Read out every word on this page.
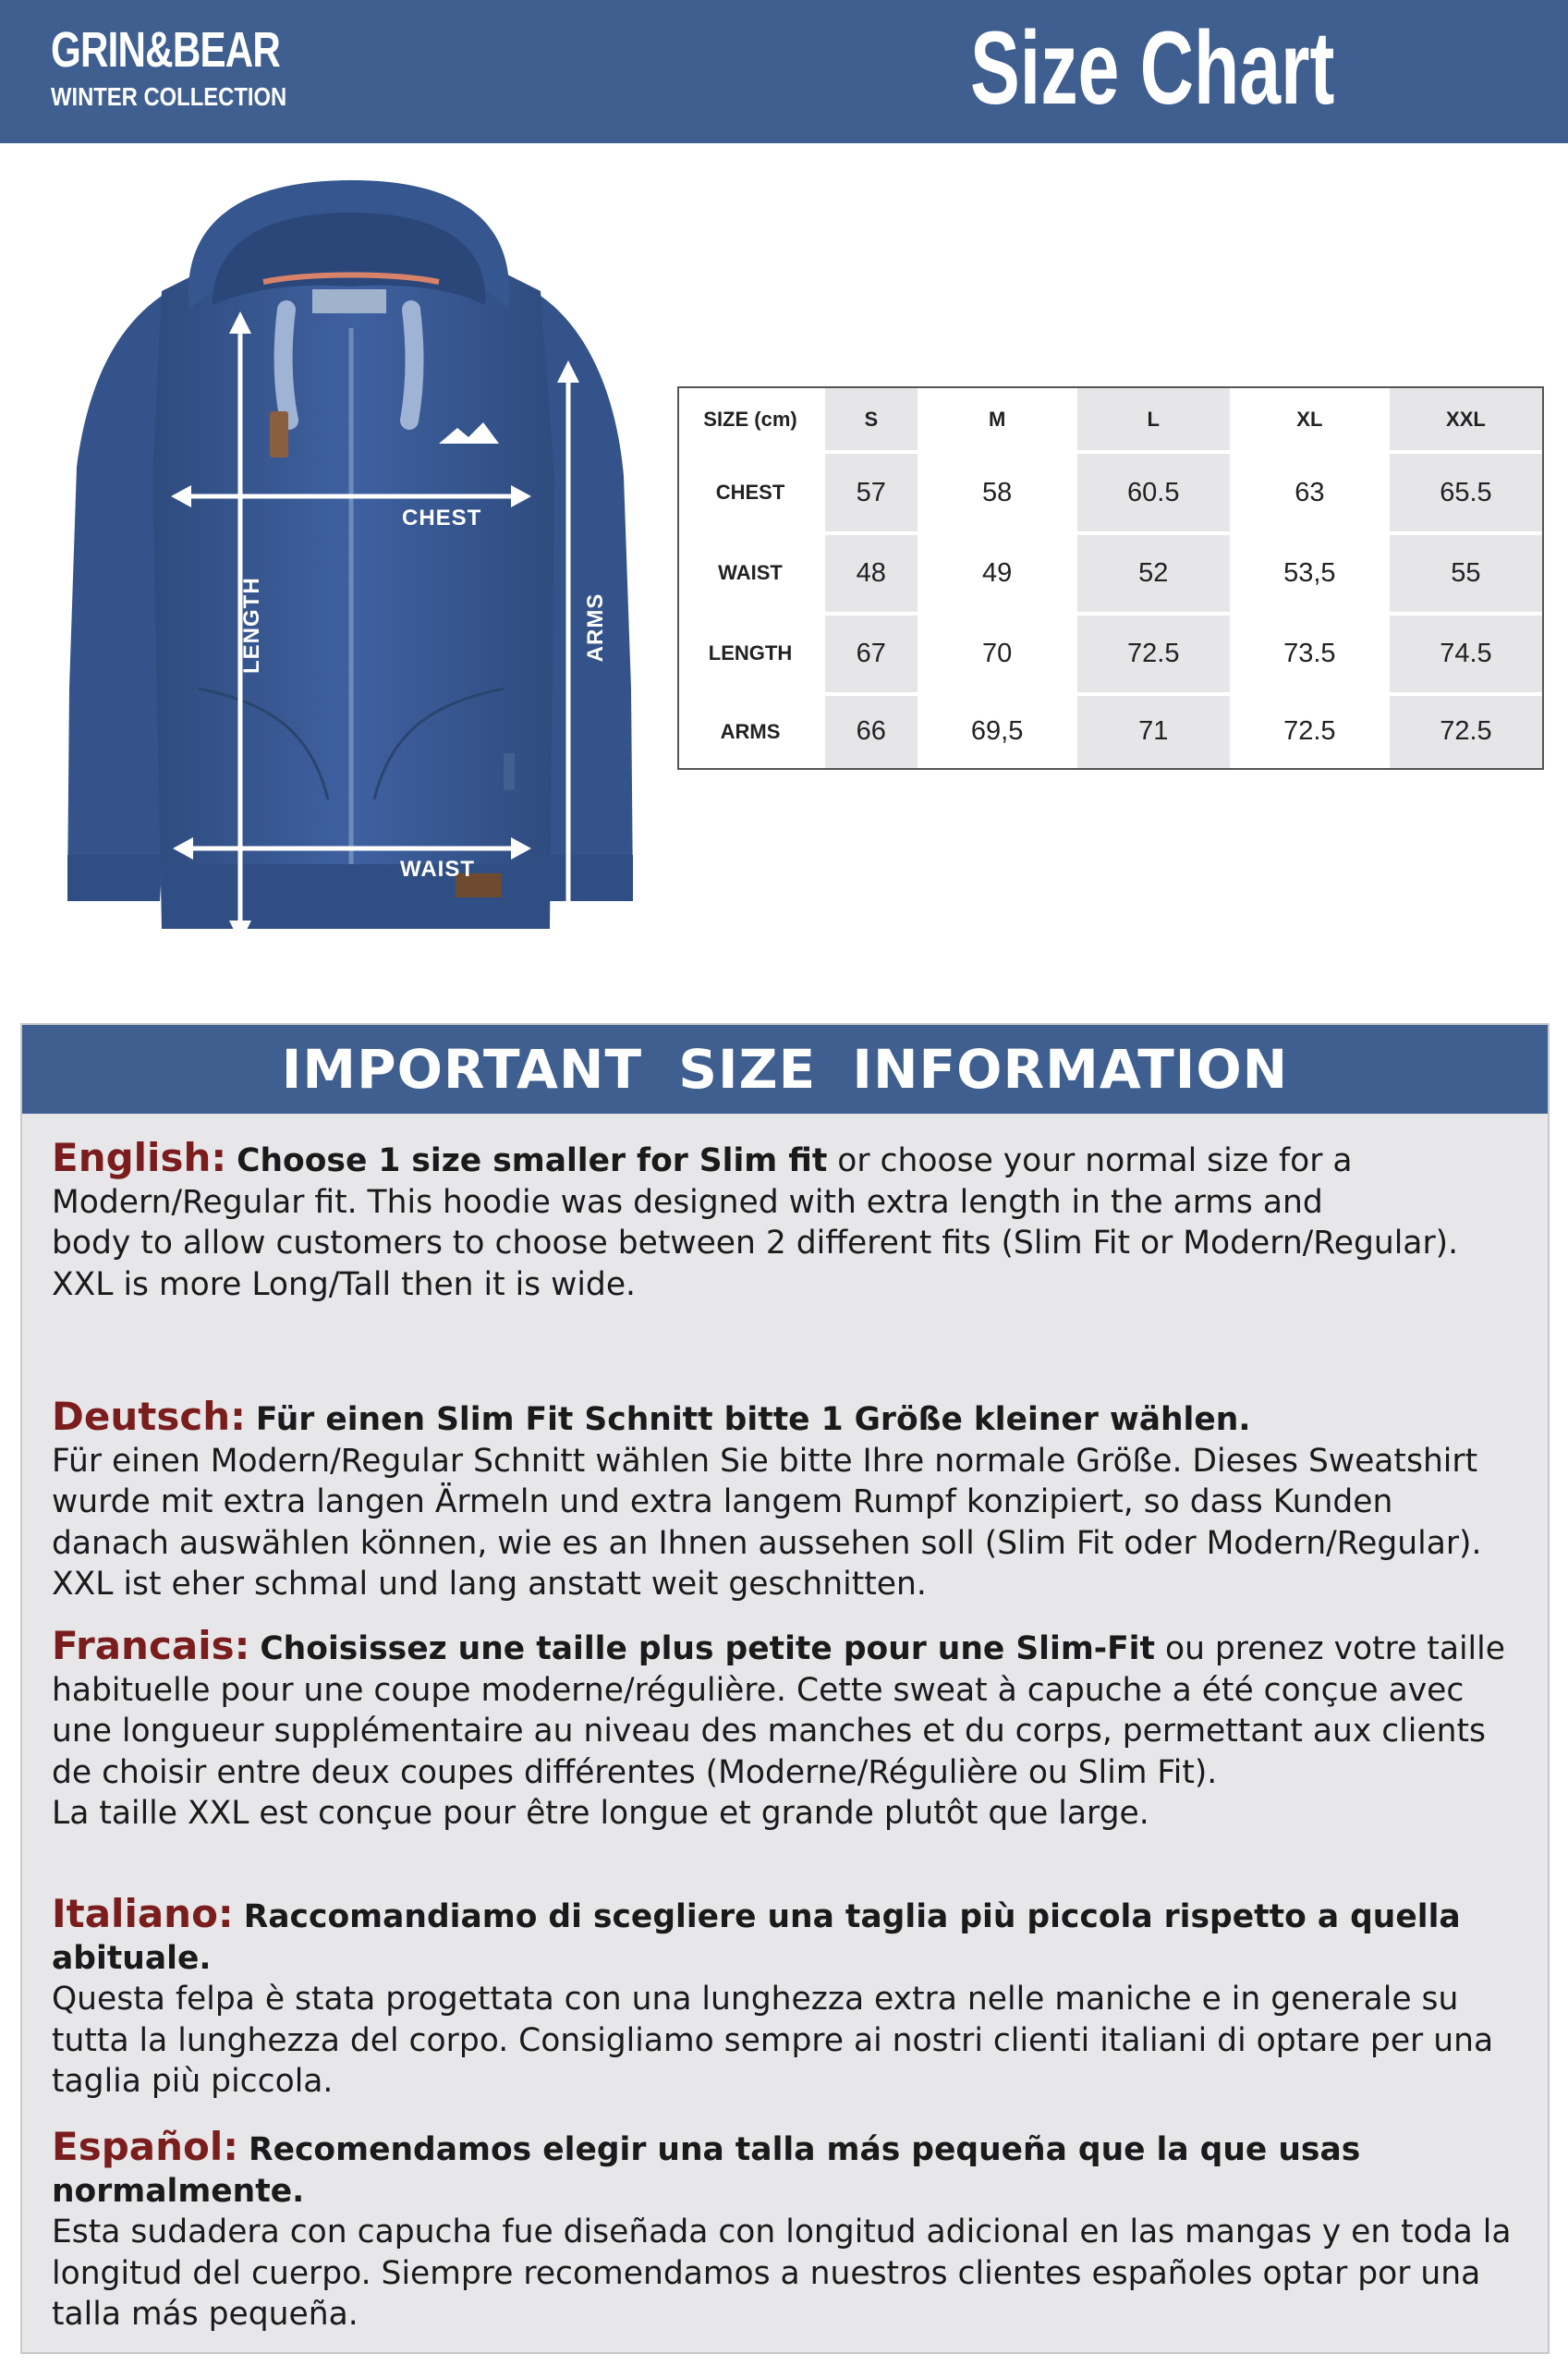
GRIN&BEAR
WINTER COLLECTION	Size Chart
CHEST
WAIST
LENGTH	ARMS
SIZE (cm)	S	M	L	XL	XXL
CHEST	57	58	60.5	63	65.5
WAIST	48	49	52	53,5	55
LENGTH	67	70	72.5	73.5	74.5
ARMS	66	69,5	71	72.5	72.5
IMPORTANT SIZE INFORMATION
English: Choose 1 size smaller for Slim fit or choose your normal size for a
Modern/Regular fit. This hoodie was designed with extra length in the arms and
body to allow customers to choose between 2 different fits (Slim Fit or Modern/Regular).
XXL is more Long/Tall then it is wide.
Deutsch: Für einen Slim Fit Schnitt bitte 1 Größe kleiner wählen.
Für einen Modern/Regular Schnitt wählen Sie bitte Ihre normale Größe. Dieses Sweatshirt
wurde mit extra langen Ärmeln und extra langem Rumpf konzipiert, so dass Kunden
danach auswählen können, wie es an Ihnen aussehen soll (Slim Fit oder Modern/Regular).
XXL ist eher schmal und lang anstatt weit geschnitten.
Francais: Choisissez une taille plus petite pour une Slim-Fit ou prenez votre taille
habituelle pour une coupe moderne/régulière. Cette sweat à capuche a été conçue avec
une longueur supplémentaire au niveau des manches et du corps, permettant aux clients
de choisir entre deux coupes différentes (Moderne/Régulière ou Slim Fit).
La taille XXL est conçue pour être longue et grande plutôt que large.
Italiano: Raccomandiamo di scegliere una taglia più piccola rispetto a quella abituale.
Questa felpa è stata progettata con una lunghezza extra nelle maniche e in generale su
tutta la lunghezza del corpo. Consigliamo sempre ai nostri clienti italiani di optare per una
taglia più piccola.
Español: Recomendamos elegir una talla más pequeña que la que usas normalmente.
Esta sudadera con capucha fue diseñada con longitud adicional en las mangas y en toda la
longitud del cuerpo. Siempre recomendamos a nuestros clientes españoles optar por una
talla más pequeña.
